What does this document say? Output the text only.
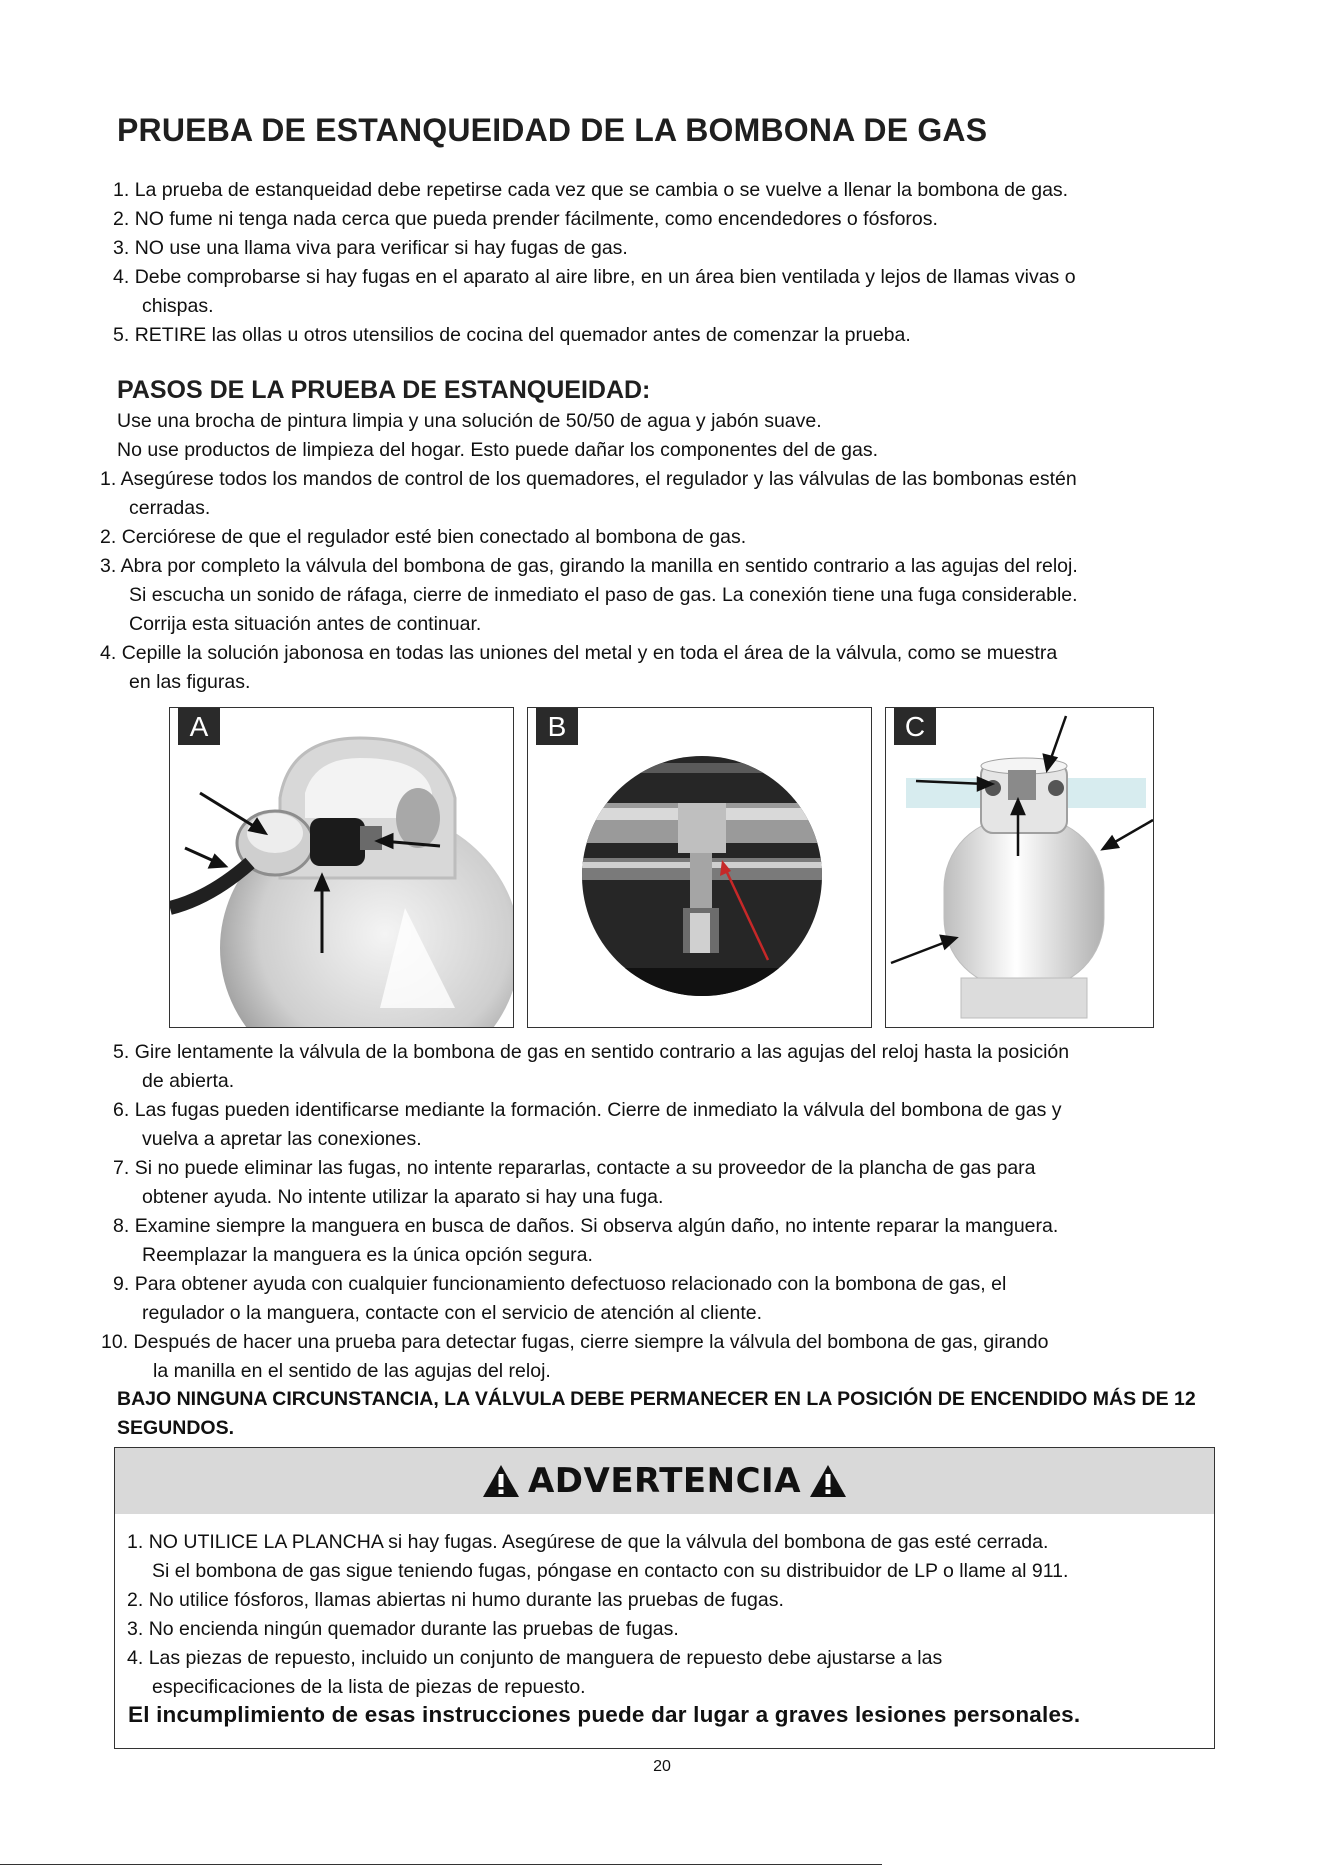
PRUEBA DE ESTANQUEIDAD DE LA BOMBONA DE GAS
1. La prueba de estanqueidad debe repetirse cada vez que se cambia o se vuelve a llenar la bombona de gas.
2. NO fume ni tenga nada cerca que pueda prender fácilmente, como encendedores o fósforos.
3. NO use una llama viva para verificar si hay fugas de gas.
4. Debe comprobarse si hay fugas en el aparato al aire libre, en un área bien ventilada y lejos de llamas vivas o
chispas.
5. RETIRE las ollas u otros utensilios de cocina del quemador antes de comenzar la prueba.
PASOS DE LA PRUEBA DE ESTANQUEIDAD:

Use una brocha de pintura limpia y una solución de 50/50 de agua y jabón suave.

No use productos de limpieza del hogar. Esto puede dañar los componentes del de gas.

1. Asegúrese todos los mandos de control de los quemadores, el regulador y las válvulas de las bombonas estén
cerradas.
2. Cerciórese de que el regulador esté bien conectado al bombona de gas.
3. Abra por completo la válvula del bombona de gas, girando la manilla en sentido contrario a las agujas del reloj.
Si escucha un sonido de ráfaga, cierre de inmediato el paso de gas. La conexión tiene una fuga considerable.
Corrija esta situación antes de continuar.
4. Cepille la solución jabonosa en todas las uniones del metal y en toda el área de la válvula, como se muestra
en las figuras.
A	B	C
5. Gire lentamente la válvula de la bombona de gas en sentido contrario a las agujas del reloj hasta la posición
de abierta.
6. Las fugas pueden identificarse mediante la formación. Cierre de inmediato la válvula del bombona de gas y
vuelva a apretar las conexiones.
7. Si no puede eliminar las fugas, no intente repararlas, contacte a su proveedor de la plancha de gas para
obtener ayuda. No intente utilizar la aparato si hay una fuga.
8. Examine siempre la manguera en busca de daños. Si observa algún daño, no intente reparar la manguera.
Reemplazar la manguera es la única opción segura.
9. Para obtener ayuda con cualquier funcionamiento defectuoso relacionado con la bombona de gas, el
regulador o la manguera, contacte con el servicio de atención al cliente.
10. Después de hacer una prueba para detectar fugas, cierre siempre la válvula del bombona de gas, girando
la manilla en el sentido de las agujas del reloj.

BAJO NINGUNA CIRCUNSTANCIA, LA VÁLVULA DEBE PERMANECER EN LA POSICIÓN DE ENCENDIDO MÁS DE 12 SEGUNDOS.

ADVERTENCIA
1. NO UTILICE LA PLANCHA si hay fugas. Asegúrese de que la válvula del bombona de gas esté cerrada.
Si el bombona de gas sigue teniendo fugas, póngase en contacto con su distribuidor de LP o llame al 911.
2. No utilice fósforos, llamas abiertas ni humo durante las pruebas de fugas.
3. No encienda ningún quemador durante las pruebas de fugas.
4. Las piezas de repuesto, incluido un conjunto de manguera de repuesto debe ajustarse a las
especificaciones de la lista de piezas de repuesto.

El incumplimiento de esas instrucciones puede dar lugar a graves lesiones personales.

20
